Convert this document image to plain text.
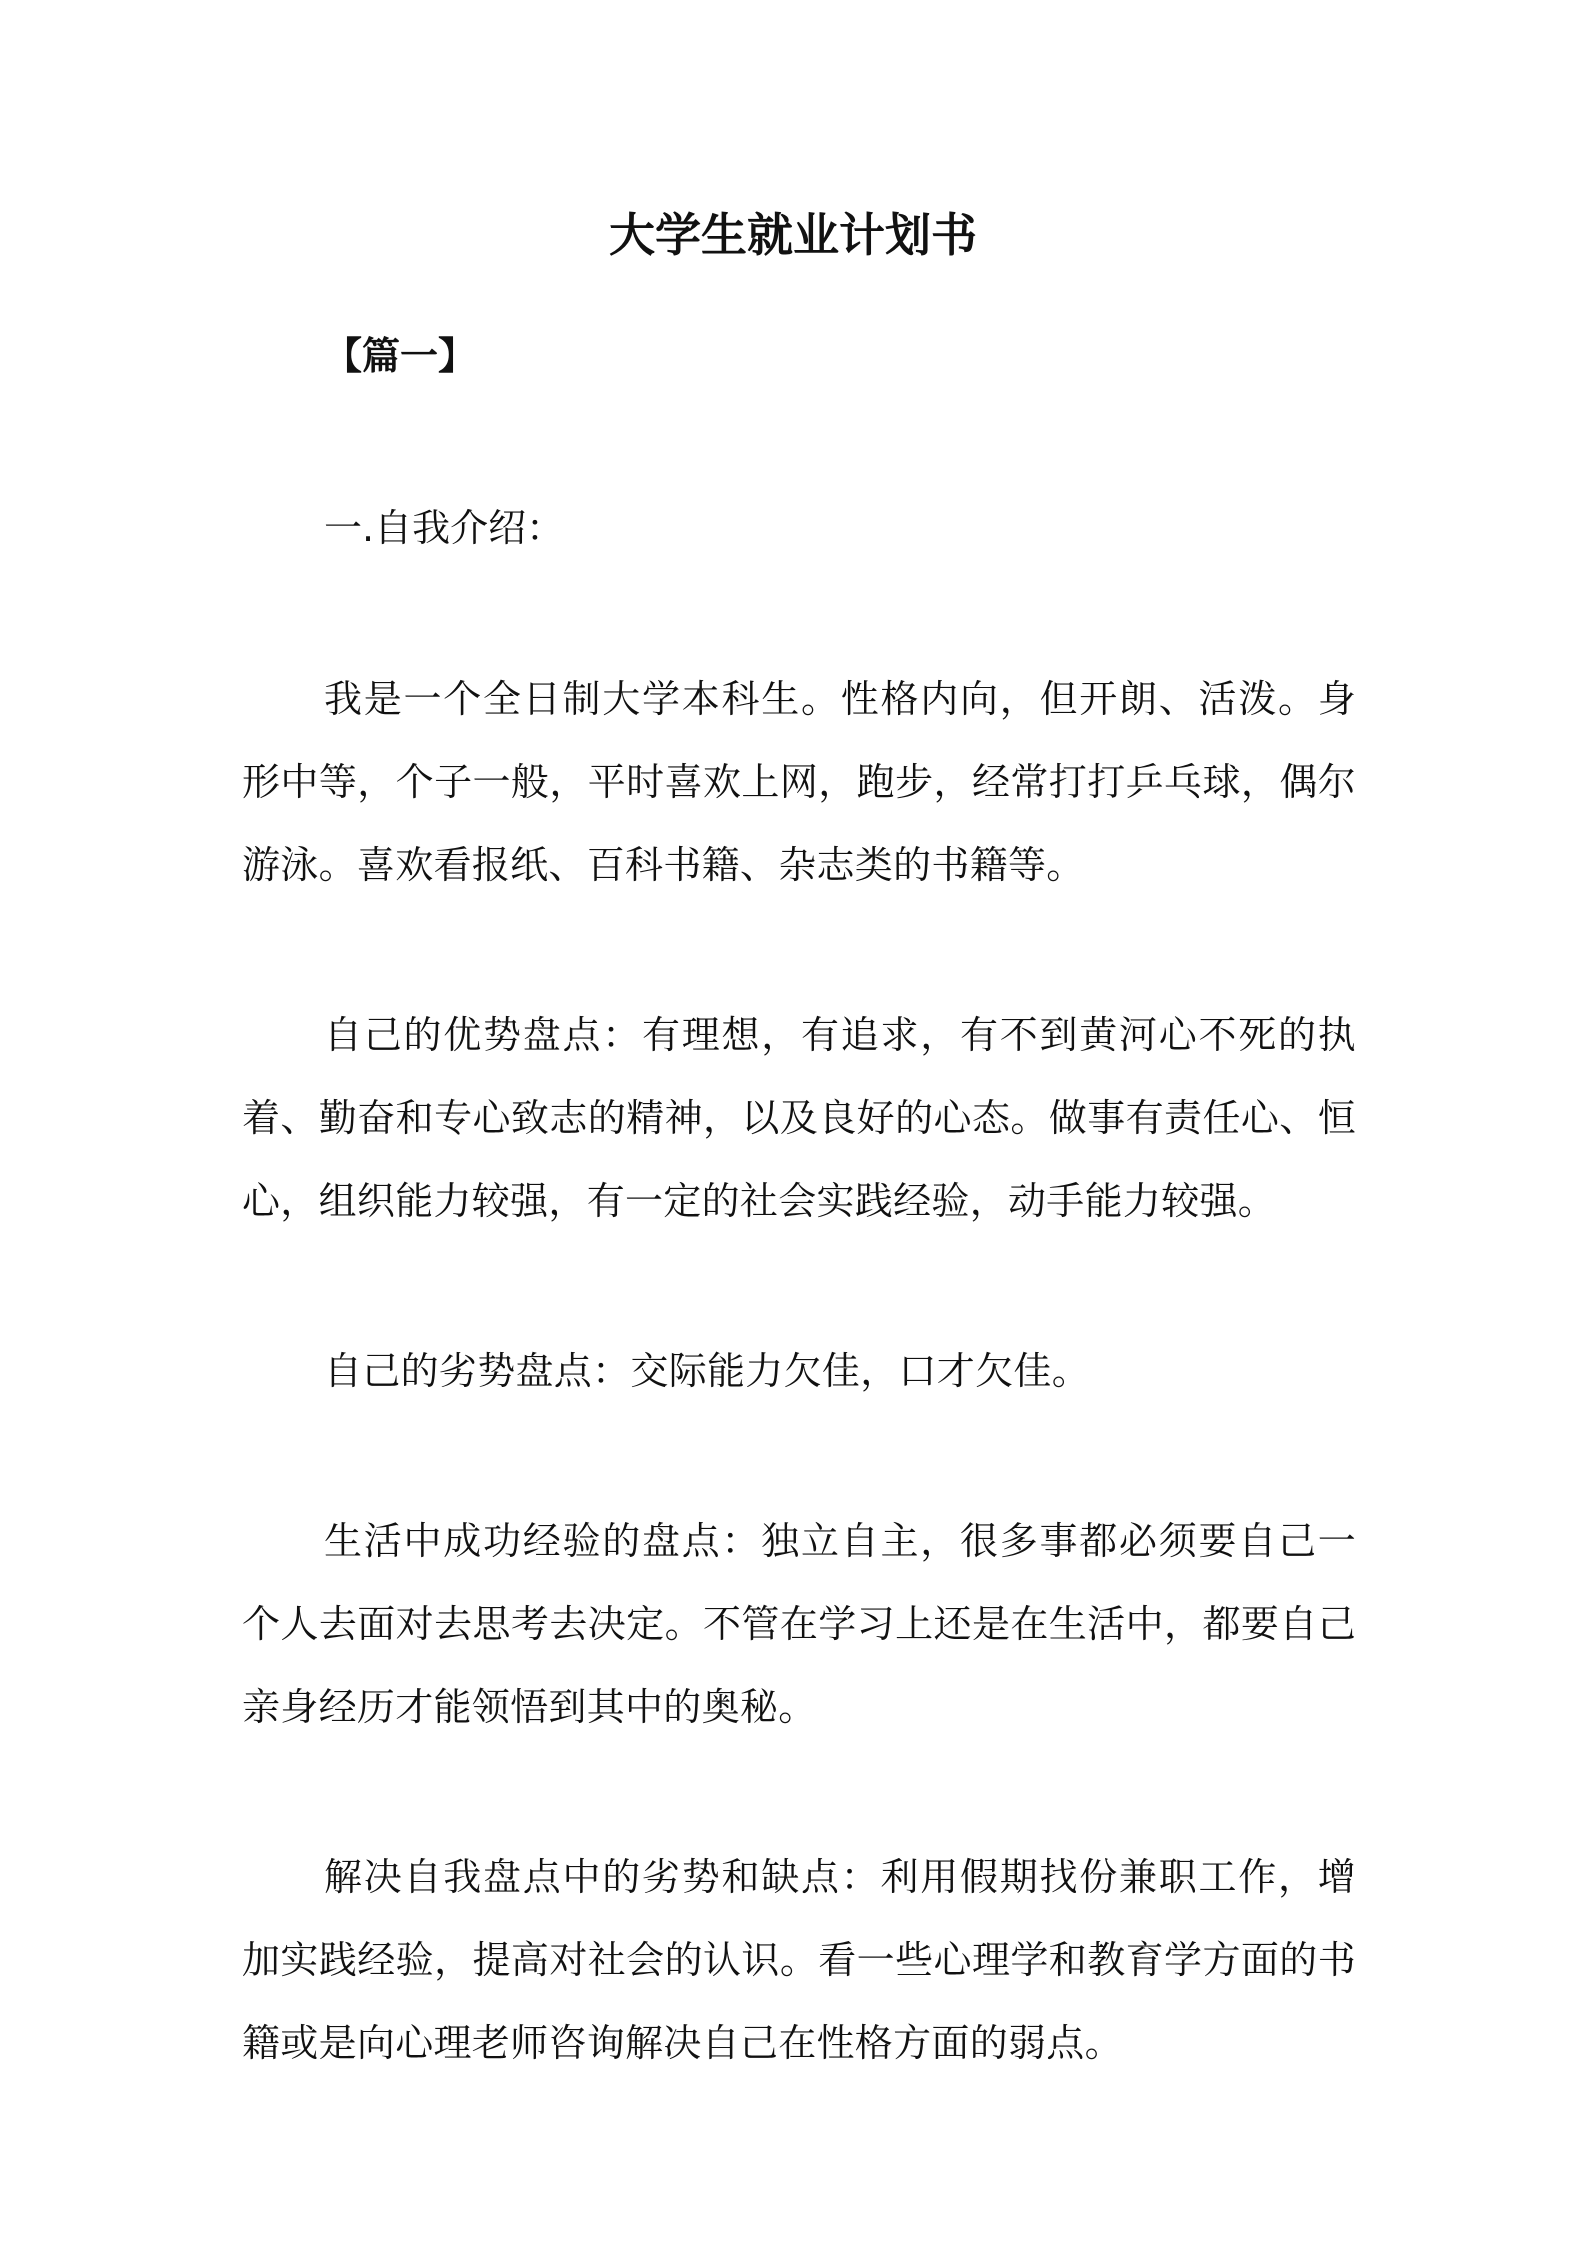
大学生就业计划书
【篇一】
一.自我介绍：

我是一个全日制大学本科生。性格内向，但开朗、活泼。身形中等，个子一般，平时喜欢上网，跑步，经常打打乒乓球，偶尔游泳。喜欢看报纸、百科书籍、杂志类的书籍等。

自己的优势盘点：有理想，有追求，有不到黄河心不死的执着、勤奋和专心致志的精神，以及良好的心态。做事有责任心、恒心，组织能力较强，有一定的社会实践经验，动手能力较强。

自己的劣势盘点：交际能力欠佳，口才欠佳。

生活中成功经验的盘点：独立自主，很多事都必须要自己一个人去面对去思考去决定。不管在学习上还是在生活中，都要自己亲身经历才能领悟到其中的奥秘。

解决自我盘点中的劣势和缺点：利用假期找份兼职工作，增加实践经验，提高对社会的认识。看一些心理学和教育学方面的书籍或是向心理老师咨询解决自己在性格方面的弱点。
